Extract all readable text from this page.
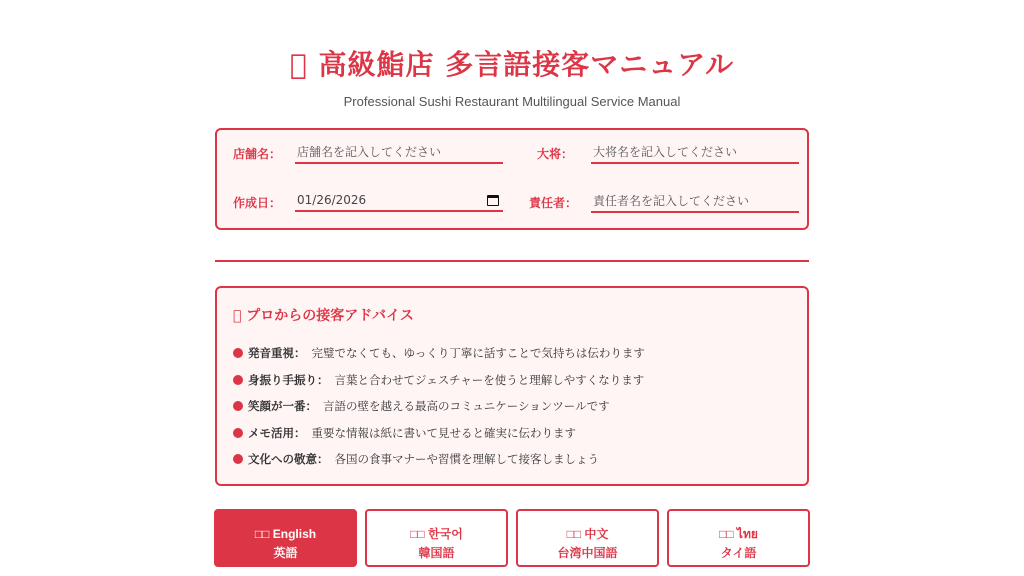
􏰀 高級鮨店 多言語接客マニュアル
Professional Sushi Restaurant Multilingual Service Manual
店舗名：
店舗名を記入してください	大将：
大将名を記入してください
作成日： 01/26/2026	責任者：
責任者名を記入してください
􏰀 プロからの接客アドバイス
発音重視： 完璧でなくても、ゆっくり丁寧に話すことで気持ちは伝わります
身振り手振り： 言葉と合わせてジェスチャーを使うと理解しやすくなります
笑顔が一番： 言語の壁を越える最高のコミュニケーションツールです
メモ活用： 重要な情報は紙に書いて見せると確実に伝わります
文化への敬意： 各国の食事マナーや習慣を理解して接客しましょう
□□ English
英語
□□ 한국어
韓国語
□□ 中文
台湾中国語
□□ ไทย
タイ語
